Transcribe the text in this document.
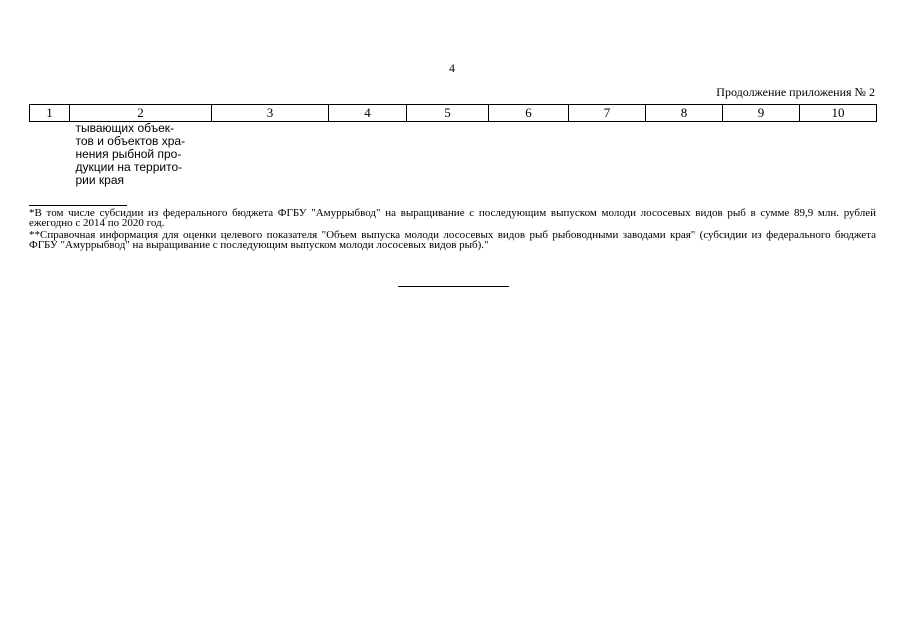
4
Продолжение приложения № 2
1	2	3	4	5	6	7	8	9	10

	тывающих объек-
тов и объектов хра-
нения рыбной про-
дукции на террито-
рии края								

*В том числе субсидии из федерального бюджета ФГБУ "Амуррыбвод" на выращивание с последующим выпуском молоди лососевых видов рыб в сумме 89,9 млн. рублей ежегодно с 2014 по 2020 год.

**Справочная информация для оценки целевого показателя "Объем выпуска молоди лососевых видов рыб рыбоводными заводами края" (субсидии из федерального бюджета ФГБУ "Амуррыбвод" на выращивание с последующим выпуском молоди лососевых видов рыб)."
